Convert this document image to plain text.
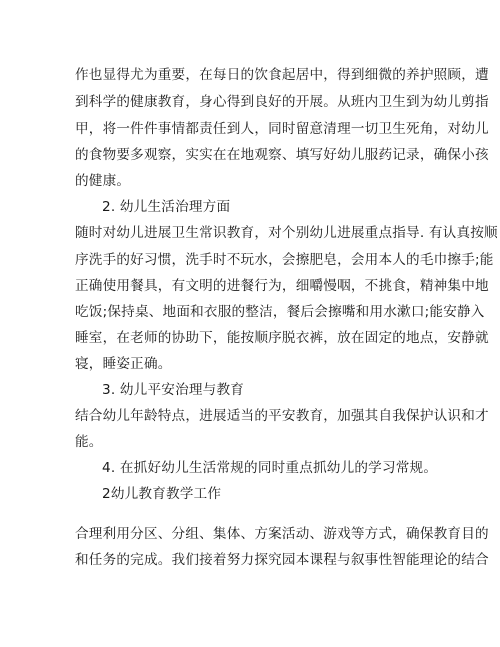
作也显得尤为重要，在每日的饮食起居中，得到细微的养护照顾，遭
到科学的健康教育，身心得到良好的开展。从班内卫生到为幼儿剪指
甲，将一件件事情都责任到人，同时留意清理一切卫生死角，对幼儿
的食物要多观察，实实在在地观察、填写好幼儿服药记录，确保小孩
的健康。
2. 幼儿生活治理方面
随时对幼儿进展卫生常识教育，对个别幼儿进展重点指导. 有认真按顺
序洗手的好习惯，洗手时不玩水，会擦肥皂，会用本人的毛巾擦手;能
正确使用餐具，有文明的进餐行为，细嚼慢咽，不挑食，精神集中地
吃饭;保持桌、地面和衣服的整洁，餐后会擦嘴和用水漱口;能安静入
睡室，在老师的协助下，能按顺序脱衣裤，放在固定的地点，安静就
寝，睡姿正确。
3. 幼儿平安治理与教育
结合幼儿年龄特点，进展适当的平安教育，加强其自我保护认识和才
能。
4. 在抓好幼儿生活常规的同时重点抓幼儿的学习常规。
2幼儿教育教学工作
合理利用分区、分组、集体、方案活动、游戏等方式，确保教育目的
和任务的完成。我们接着努力探究园本课程与叙事性智能理论的结合
